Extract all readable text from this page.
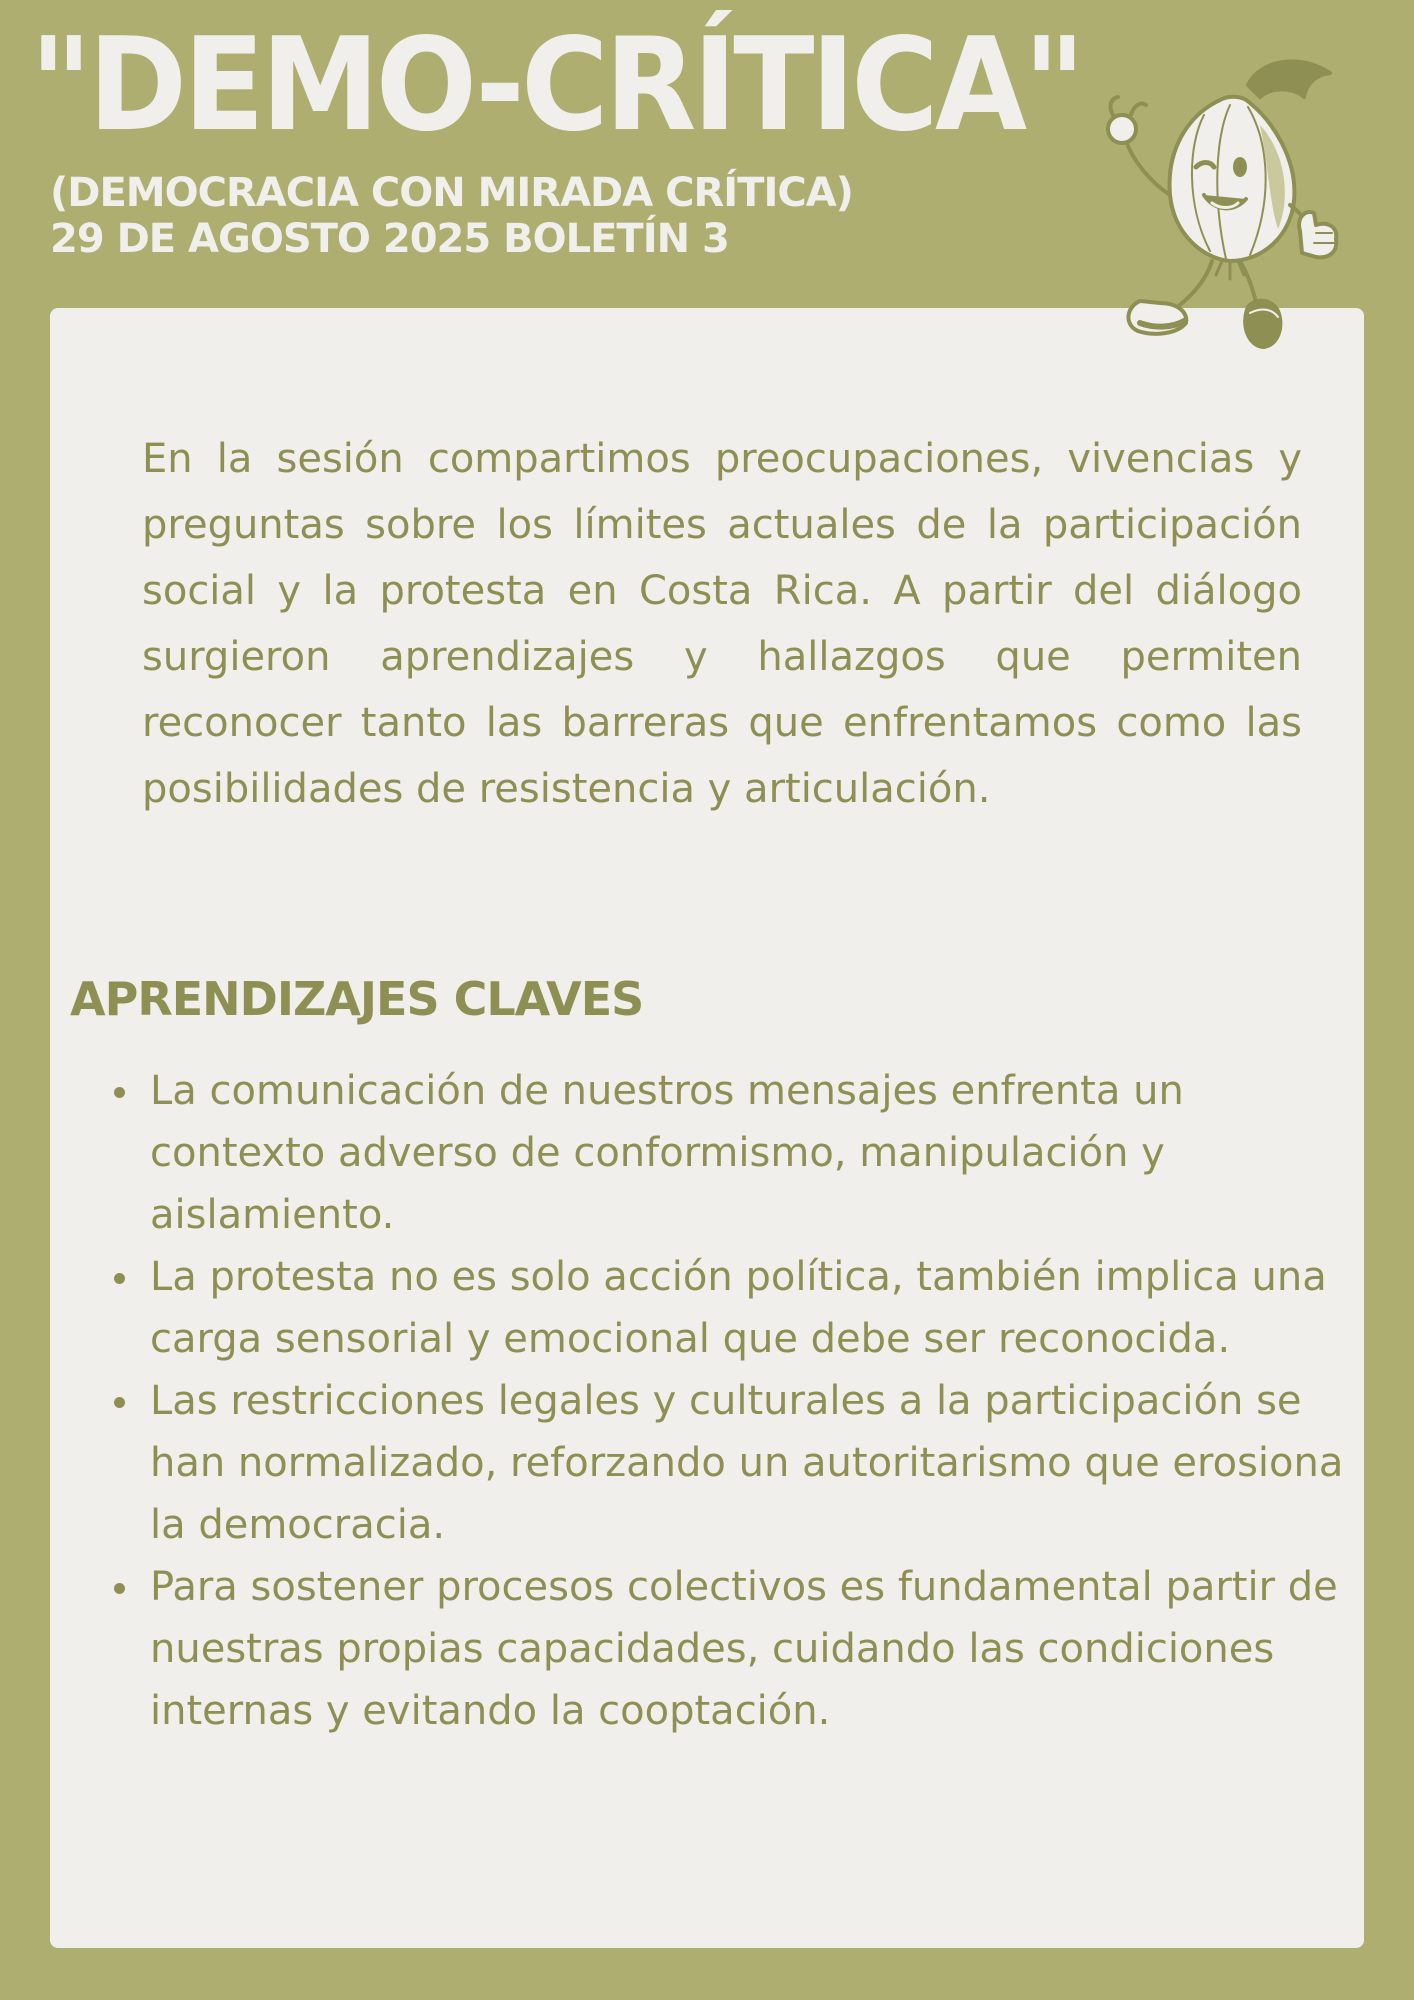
"DEMO-CRÍTICA"
(DEMOCRACIA CON MIRADA CRÍTICA)
29 DE AGOSTO 2025 BOLETÍN 3

En la sesión compartimos preocupaciones, vivencias y preguntas sobre los límites actuales de la participación social y la protesta en Costa Rica. A partir del diálogo surgieron aprendizajes y hallazgos que permiten reconocer tanto las barreras que enfrentamos como las posibilidades de resistencia y articulación.

APRENDIZAJES CLAVES
La comunicación de nuestros mensajes enfrenta un contexto adverso de conformismo, manipulación y aislamiento.
La protesta no es solo acción política, también implica una carga sensorial y emocional que debe ser reconocida.
Las restricciones legales y culturales a la participación se han normalizado, reforzando un autoritarismo que erosiona la democracia.
Para sostener procesos colectivos es fundamental partir de nuestras propias capacidades, cuidando las condiciones internas y evitando la cooptación.
